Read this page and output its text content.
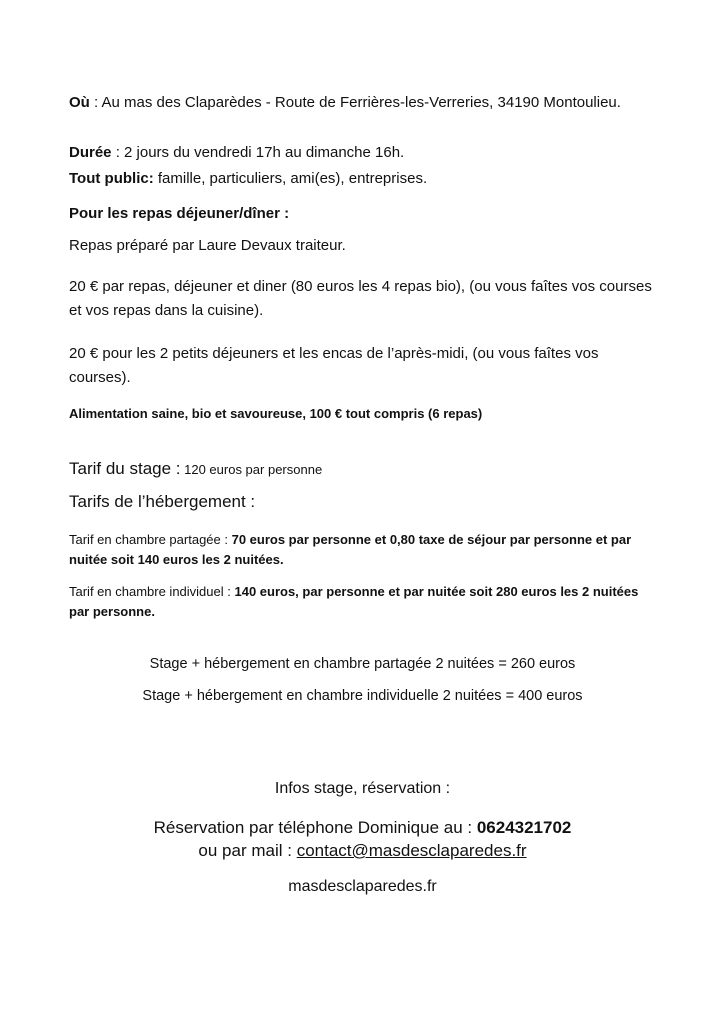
Où : Au mas des Claparèdes - Route de Ferrières-les-Verreries, 34190 Montoulieu.

Durée : 2 jours du vendredi 17h au dimanche 16h.

Tout public: famille, particuliers, ami(es), entreprises.

Pour les repas déjeuner/dîner :

Repas préparé par Laure Devaux traiteur.

20 € par repas, déjeuner et diner (80 euros les 4 repas bio), (ou vous faîtes vos courses et vos repas dans la cuisine).

20 € pour les 2 petits déjeuners et les encas de l’après-midi, (ou vous faîtes vos courses).

Alimentation saine, bio et savoureuse, 100 € tout compris (6 repas)

Tarif du stage : 120 euros par personne

Tarifs de l’hébergement :

Tarif en chambre partagée : 70 euros par personne et 0,80 taxe de séjour par personne et par nuitée soit 140 euros les 2 nuitées.

Tarif en chambre individuel : 140 euros, par personne et par nuitée soit 280 euros les 2 nuitées par personne.

Stage + hébergement en chambre partagée 2 nuitées = 260 euros

Stage + hébergement en chambre individuelle 2 nuitées = 400 euros

Infos stage, réservation :

Réservation par téléphone Dominique au : 0624321702

ou par mail : contact@masdesclaparedes.fr

masdesclaparedes.fr
